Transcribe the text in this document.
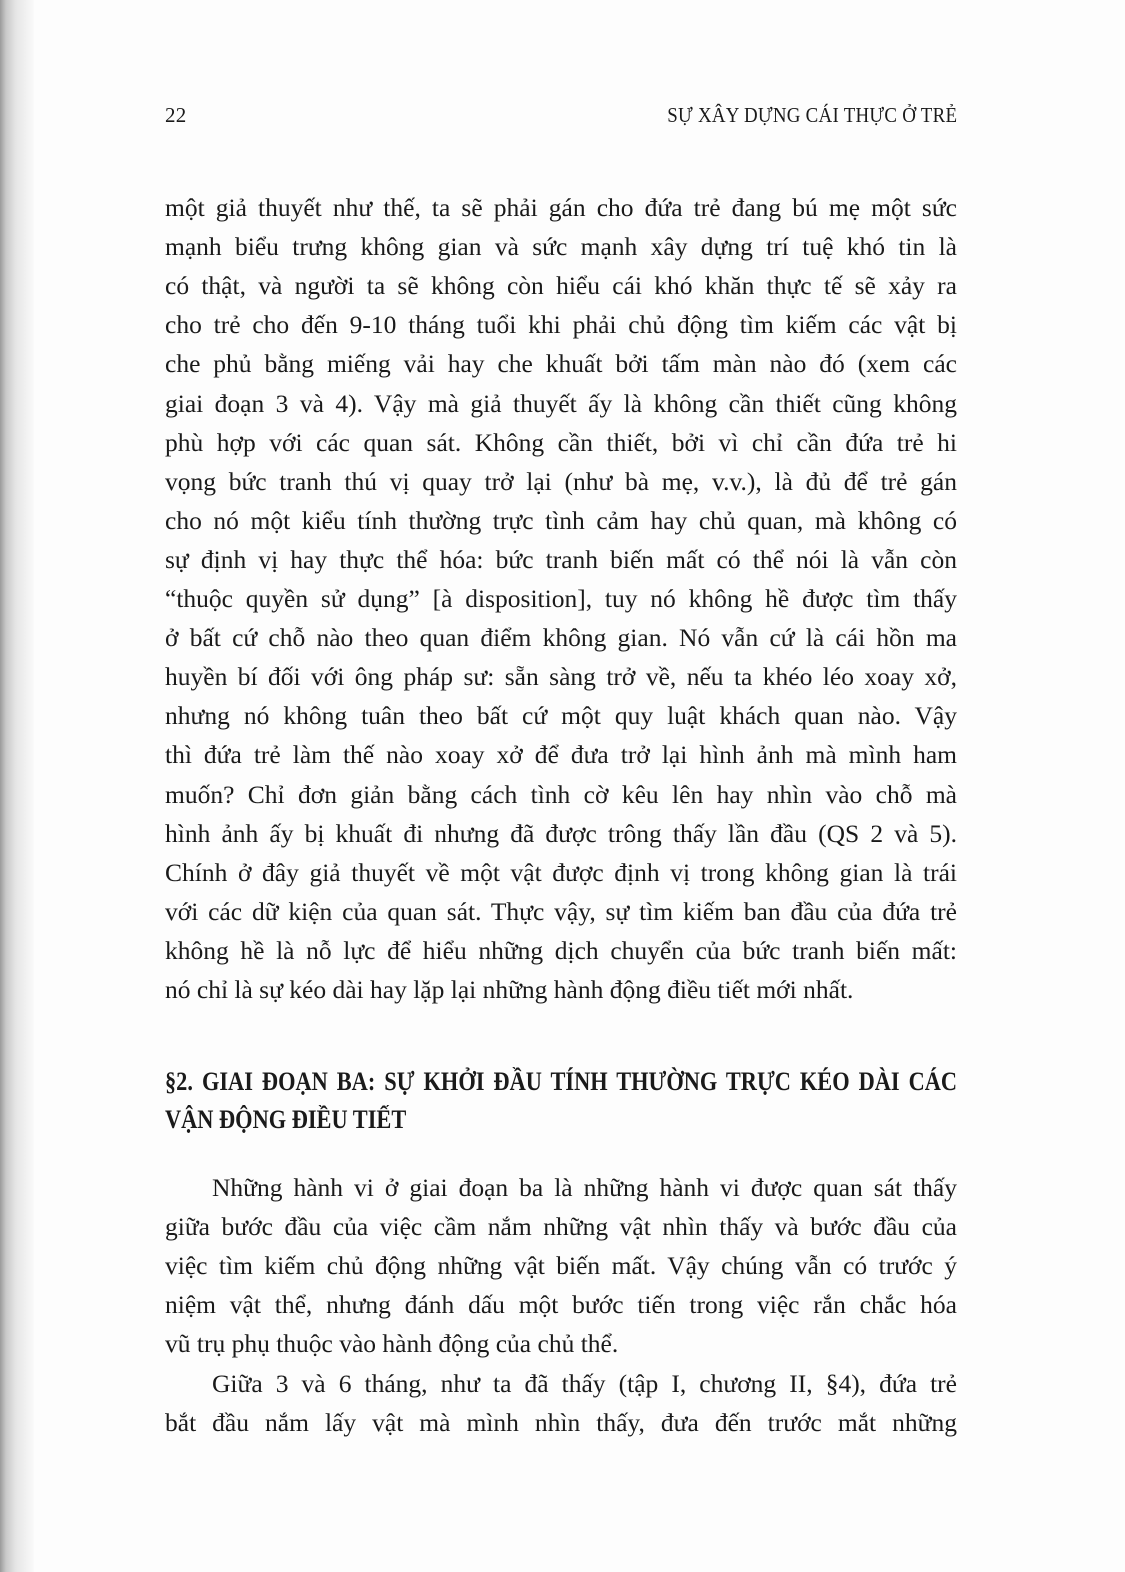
22	SỰ XÂY DỰNG CÁI THỰC Ở TRẺ
một giả thuyết như thế, ta sẽ phải gán cho đứa trẻ đang bú mẹ một sức
mạnh biểu trưng không gian và sức mạnh xây dựng trí tuệ khó tin là
có thật, và người ta sẽ không còn hiểu cái khó khăn thực tế sẽ xảy ra
cho trẻ cho đến 9-10 tháng tuổi khi phải chủ động tìm kiếm các vật bị
che phủ bằng miếng vải hay che khuất bởi tấm màn nào đó (xem các
giai đoạn 3 và 4). Vậy mà giả thuyết ấy là không cần thiết cũng không
phù hợp với các quan sát. Không cần thiết, bởi vì chỉ cần đứa trẻ hi
vọng bức tranh thú vị quay trở lại (như bà mẹ, v.v.), là đủ để trẻ gán
cho nó một kiểu tính thường trực tình cảm hay chủ quan, mà không có
sự định vị hay thực thể hóa: bức tranh biến mất có thể nói là vẫn còn
“thuộc quyền sử dụng” [à disposition], tuy nó không hề được tìm thấy
ở bất cứ chỗ nào theo quan điểm không gian. Nó vẫn cứ là cái hồn ma
huyền bí đối với ông pháp sư: sẵn sàng trở về, nếu ta khéo léo xoay xở,
nhưng nó không tuân theo bất cứ một quy luật khách quan nào. Vậy
thì đứa trẻ làm thế nào xoay xở để đưa trở lại hình ảnh mà mình ham
muốn? Chỉ đơn giản bằng cách tình cờ kêu lên hay nhìn vào chỗ mà
hình ảnh ấy bị khuất đi nhưng đã được trông thấy lần đầu (QS 2 và 5).
Chính ở đây giả thuyết về một vật được định vị trong không gian là trái
với các dữ kiện của quan sát. Thực vậy, sự tìm kiếm ban đầu của đứa trẻ
không hề là nỗ lực để hiểu những dịch chuyển của bức tranh biến mất:
nó chỉ là sự kéo dài hay lặp lại những hành động điều tiết mới nhất.
§2. GIAI ĐOẠN BA: SỰ KHỞI ĐẦU TÍNH THƯỜNG TRỰC KÉO DÀI CÁC
VẬN ĐỘNG ĐIỀU TIẾT
Những hành vi ở giai đoạn ba là những hành vi được quan sát thấy
giữa bước đầu của việc cầm nắm những vật nhìn thấy và bước đầu của
việc tìm kiếm chủ động những vật biến mất. Vậy chúng vẫn có trước ý
niệm vật thể, nhưng đánh dấu một bước tiến trong việc rắn chắc hóa
vũ trụ phụ thuộc vào hành động của chủ thể.
Giữa 3 và 6 tháng, như ta đã thấy (tập I, chương II, §4), đứa trẻ
bắt đầu nắm lấy vật mà mình nhìn thấy, đưa đến trước mắt những
